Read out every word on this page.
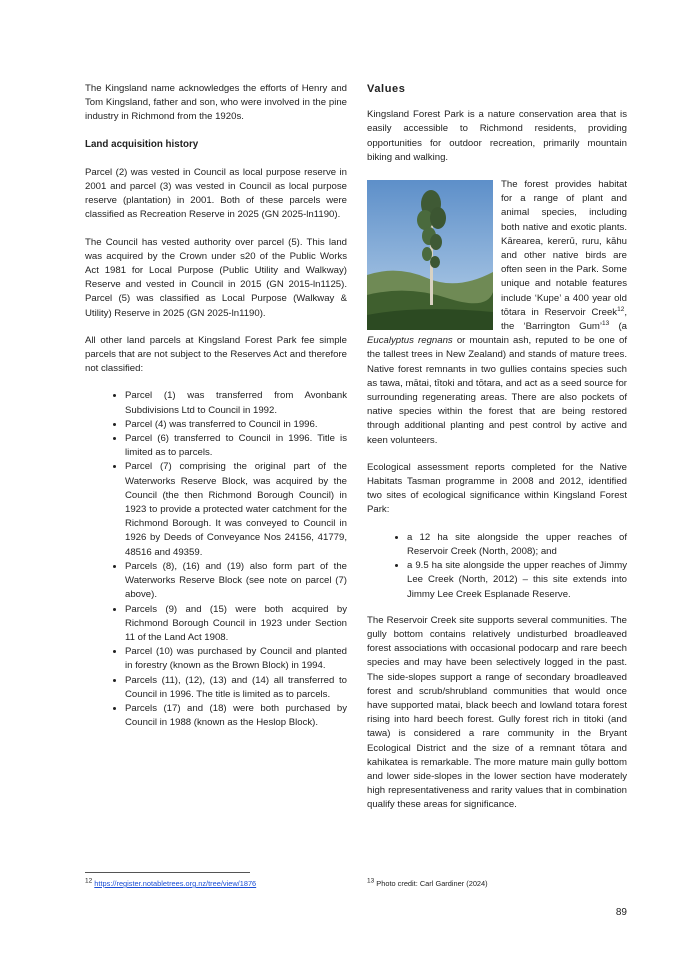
The Kingsland name acknowledges the efforts of Henry and Tom Kingsland, father and son, who were involved in the pine industry in Richmond from the 1920s.

Land acquisition history

Parcel (2) was vested in Council as local purpose reserve in 2001 and parcel (3) was vested in Council as local purpose reserve (plantation) in 2001. Both of these parcels were classified as Recreation Reserve in 2025 (GN 2025-ln1190).

The Council has vested authority over parcel (5). This land was acquired by the Crown under s20 of the Public Works Act 1981 for Local Purpose (Public Utility and Walkway) Reserve and vested in Council in 2015 (GN 2015-ln1125). Parcel (5) was classified as Local Purpose (Walkway & Utility) Reserve in 2025 (GN 2025-ln1190).

All other land parcels at Kingsland Forest Park fee simple parcels that are not subject to the Reserves Act and therefore not classified:

• Parcel (1) was transferred from Avonbank Subdivisions Ltd to Council in 1992.
• Parcel (4) was transferred to Council in 1996.
• Parcel (6) transferred to Council in 1996. Title is limited as to parcels.
• Parcel (7) comprising the original part of the Waterworks Reserve Block, was acquired by the Council (the then Richmond Borough Council) in 1923 to provide a protected water catchment for the Richmond Borough. It was conveyed to Council in 1926 by Deeds of Conveyance Nos 24156, 41779, 48516 and 49359.
• Parcels (8), (16) and (19) also form part of the Waterworks Reserve Block (see note on parcel (7) above).
• Parcels (9) and (15) were both acquired by Richmond Borough Council in 1923 under Section 11 of the Land Act 1908.
• Parcel (10) was purchased by Council and planted in forestry (known as the Brown Block) in 1994.
• Parcels (11), (12), (13) and (14) all transferred to Council in 1996. The title is limited as to parcels.
• Parcels (17) and (18) were both purchased by Council in 1988 (known as the Heslop Block).
Values

Kingsland Forest Park is a nature conservation area that is easily accessible to Richmond residents, providing opportunities for outdoor recreation, primarily mountain biking and walking.

The forest provides habitat for a range of plant and animal species, including both native and exotic plants. Kārearea, kererū, ruru, kāhu and other native birds are often seen in the Park. Some unique and notable features include ‘Kupe’ a 400 year old tōtara in Reservoir Creek$^{12}$, the ‘Barrington Gum’$^{13}$ (a Eucalyptus regnans or mountain ash, reputed to be one of the tallest trees in New Zealand) and stands of mature trees. Native forest remnants in two gullies contains species such as tawa, mātai, tītoki and tōtara, and act as a seed source for surrounding regenerating areas. There are also pockets of native species within the forest that are being restored through additional planting and pest control by active and keen volunteers.

Ecological assessment reports completed for the Native Habitats Tasman programme in 2008 and 2012, identified two sites of ecological significance within Kingsland Forest Park:

• a 12 ha site alongside the upper reaches of Reservoir Creek (North, 2008); and
• a 9.5 ha site alongside the upper reaches of Jimmy Lee Creek (North, 2012) – this site extends into Jimmy Lee Creek Esplanade Reserve.

The Reservoir Creek site supports several communities. The gully bottom contains relatively undisturbed broadleaved forest associations with occasional podocarp and rare beech species and may have been selectively logged in the past. The side-slopes support a range of secondary broadleaved forest and scrub/shrubland communities that would once have supported matai, black beech and lowland totara forest rising into hard beech forest. Gully forest rich in titoki (and tawa) is considered a rare community in the Bryant Ecological District and the size of a remnant tōtara and kahikatea is remarkable. The more mature main gully bottom and lower side-slopes in the lower section have moderately high representativeness and rarity values that in combination qualify these areas for significance.

$^{12}$ https://register.notabletrees.org.nz/tree/view/1876	$^{13}$ Photo credit: Carl Gardiner (2024)
89
